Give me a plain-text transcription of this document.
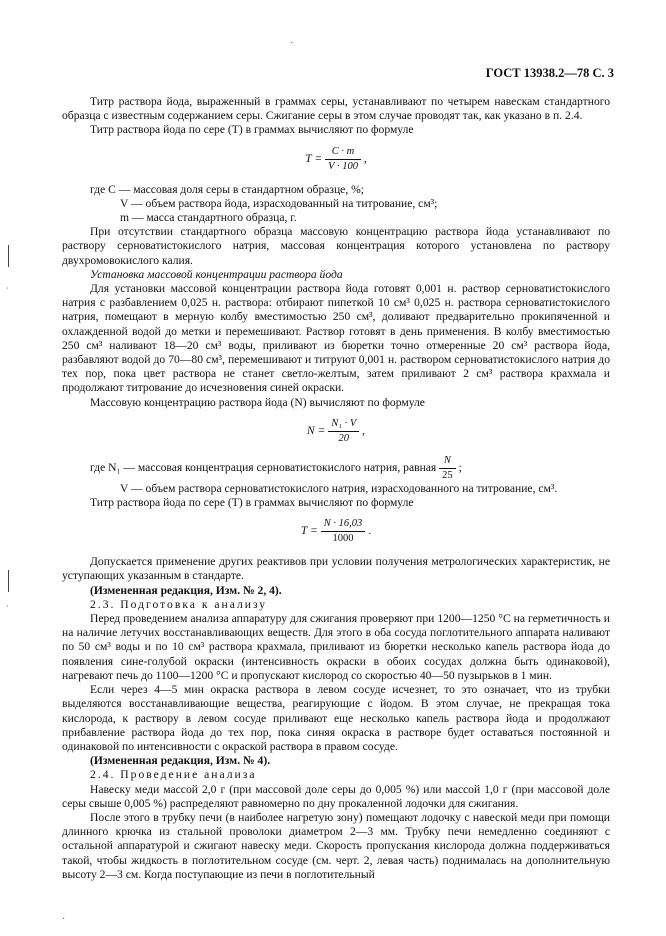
·
·
·
·
ГОСТ 13938.2—78 С. 3

Титр раствора йода, выраженный в граммах серы, устанавливают по четырем навескам стандартного образца с известным содержанием серы. Сжигание серы в этом случае проводят так, как указано в п. 2.4.

Титр раствора йода по сере (T) в граммах вычисляют по формуле

$T = \frac{C \cdot m}{V \cdot 100}$ ,

где C — массовая доля серы в стандартном образце, %;

V — объем раствора йода, израсходованный на титрование, см³;

m — масса стандартного образца, г.

При отсутствии стандартного образца массовую концентрацию раствора йода устанавливают по раствору серноватистокислого натрия, массовая концентрация которого установлена по раствору двухромовокислого калия.

Установка массовой концентрации раствора йода

Для установки массовой концентрации раствора йода готовят 0,001 н. раствор серноватистокислого натрия с разбавлением 0,025 н. раствора: отбирают пипеткой 10 см³ 0,025 н. раствора серноватистокислого натрия, помещают в мерную колбу вместимостью 250 см³, доливают предварительно прокипяченной и охлажденной водой до метки и перемешивают. Раствор готовят в день применения. В колбу вместимостью 250 см³ наливают 18—20 см³ воды, приливают из бюретки точно отмеренные 20 см³ раствора йода, разбавляют водой до 70—80 см³, перемешивают и титруют 0,001 н. раствором серноватистокислого натрия до тех пор, пока цвет раствора не станет светло-желтым, затем приливают 2 см³ раствора крахмала и продолжают титрование до исчезновения синей окраски.

Массовую концентрацию раствора йода (N) вычисляют по формуле

$N = \frac{\text{N₁ · V}}{20}$ ,

где N₁ — массовая концентрация серноватистокислого натрия, равная $\frac{N}{25}$ ;

V — объем раствора серноватистокислого натрия, израсходованного на титрование, см³.

Титр раствора йода по сере (T) в граммах вычисляют по формуле

$T = \frac{N \cdot 16,03}{1000}$ .

Допускается применение других реактивов при условии получения метрологических характеристик, не уступающих указанным в стандарте.

(Измененная редакция, Изм. № 2, 4).

2.3. Подготовка к анализу

Перед проведением анализа аппаратуру для сжигания проверяют при 1200—1250 °С на герметичность и на наличие летучих восстанавливающих веществ. Для этого в оба сосуда поглотительного аппарата наливают по 50 см³ воды и по 10 см³ раствора крахмала, приливают из бюретки несколько капель раствора йода до появления сине-голубой окраски (интенсивность окраски в обоих сосудах должна быть одинаковой), нагревают печь до 1100—1200 °С и пропускают кислород со скоростью 40—50 пузырьков в 1 мин.

Если через 4—5 мин окраска раствора в левом сосуде исчезнет, то это означает, что из трубки выделяются восстанавливающие вещества, реагирующие с йодом. В этом случае, не прекращая тока кислорода, к раствору в левом сосуде приливают еще несколько капель раствора йода и продолжают прибавление раствора йода до тех пор, пока синяя окраска в растворе будет оставаться постоянной и одинаковой по интенсивности с окраской раствора в правом сосуде.

(Измененная редакция, Изм. № 4).

2.4. Проведение анализа

Навеску меди массой 2,0 г (при массовой доле серы до 0,005 %) или массой 1,0 г (при массовой доле серы свыше 0,005 %) распределяют равномерно по дну прокаленной лодочки для сжигания.

После этого в трубку печи (в наиболее нагретую зону) помещают лодочку с навеской меди при помощи длинного крючка из стальной проволоки диаметром 2—3 мм. Трубку печи немедленно соединяют с остальной аппаратурой и сжигают навеску меди. Скорость пропускания кислорода должна поддерживаться такой, чтобы жидкость в поглотительном сосуде (см. черт. 2, левая часть) поднималась на дополнительную высоту 2—3 см. Когда поступающие из печи в поглотительный
